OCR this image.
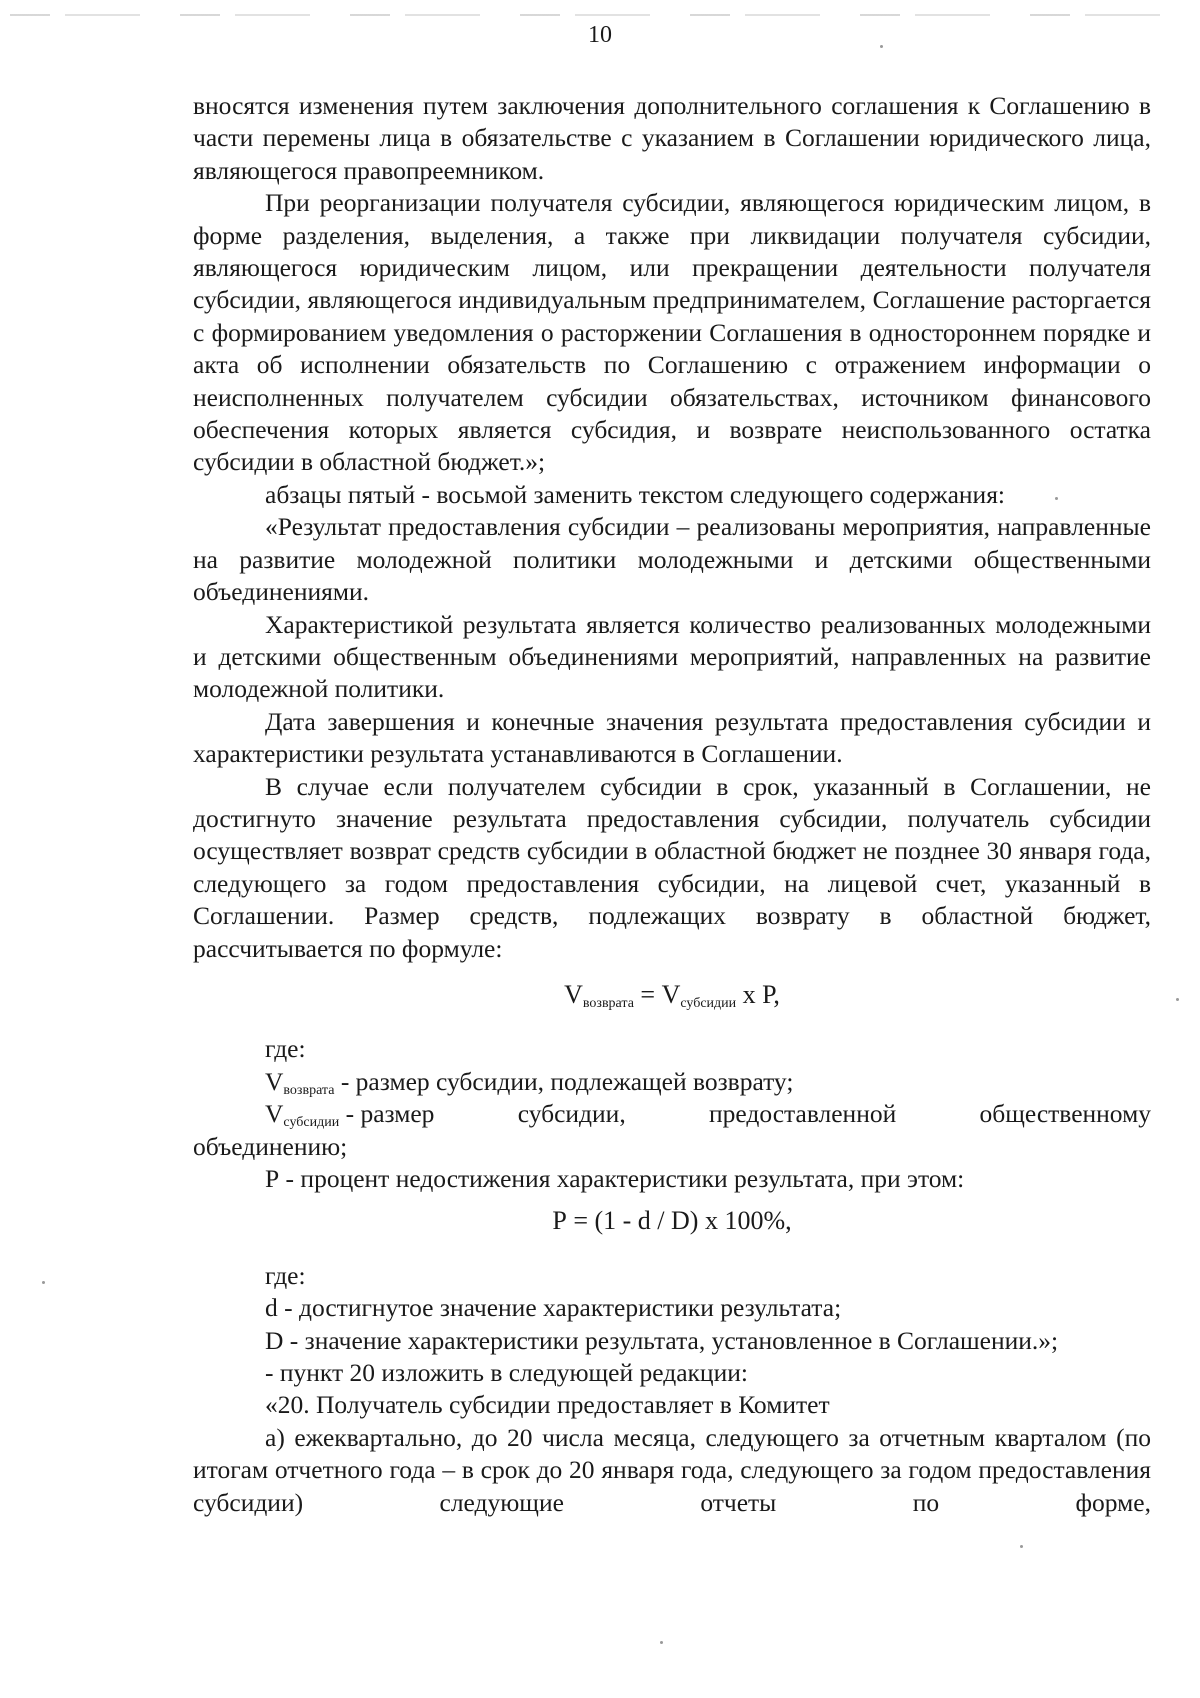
10

вносятся изменения путем заключения дополнительного соглашения к Соглашению в части перемены лица в обязательстве с указанием в Соглашении юридического лица, являющегося правопреемником.

При реорганизации получателя субсидии, являющегося юридическим лицом, в форме разделения, выделения, а также при ликвидации получателя субсидии, являющегося юридическим лицом, или прекращении деятельности получателя субсидии, являющегося индивидуальным предпринимателем, Соглашение расторгается с формированием уведомления о расторжении Соглашения в одностороннем порядке и акта об исполнении обязательств по Соглашению с отражением информации о неисполненных получателем субсидии обязательствах, источником финансового обеспечения которых является субсидия, и возврате неиспользованного остатка субсидии в областной бюджет.»;

абзацы пятый - восьмой заменить текстом следующего содержания:

«Результат предоставления субсидии – реализованы мероприятия, направленные на развитие молодежной политики молодежными и детскими общественными объединениями.

Характеристикой результата является количество реализованных молодежными и детскими общественным объединениями мероприятий, направленных на развитие молодежной политики.

Дата завершения и конечные значения результата предоставления субсидии и характеристики результата устанавливаются в Соглашении.

В случае если получателем субсидии в срок, указанный в Соглашении, не достигнуто значение результата предоставления субсидии, получатель субсидии осуществляет возврат средств субсидии в областной бюджет не позднее 30 января года, следующего за годом предоставления субсидии, на лицевой счет, указанный в Соглашении. Размер средств, подлежащих возврату в областной бюджет, рассчитывается по формуле:

$V_{возврата} = V_{субсидии}$ х Р,

где:

$V_{возврата}$ - размер субсидии, подлежащей возврату;

$V_{субсидии}$ - размер	субсидии,	предоставленной	общественному

объединению;

Р - процент недостижения характеристики результата, при этом:

Р = (1 - d / D) х 100%,

где:

d - достигнутое значение характеристики результата;

D - значение характеристики результата, установленное в Соглашении.»;

- пункт 20 изложить в следующей редакции:

«20. Получатель субсидии предоставляет в Комитет

а) ежеквартально, до 20 числа месяца, следующего за отчетным кварталом (по итогам отчетного года – в срок до 20 января года, следующего за годом предоставления субсидии) следующие отчеты по форме,
